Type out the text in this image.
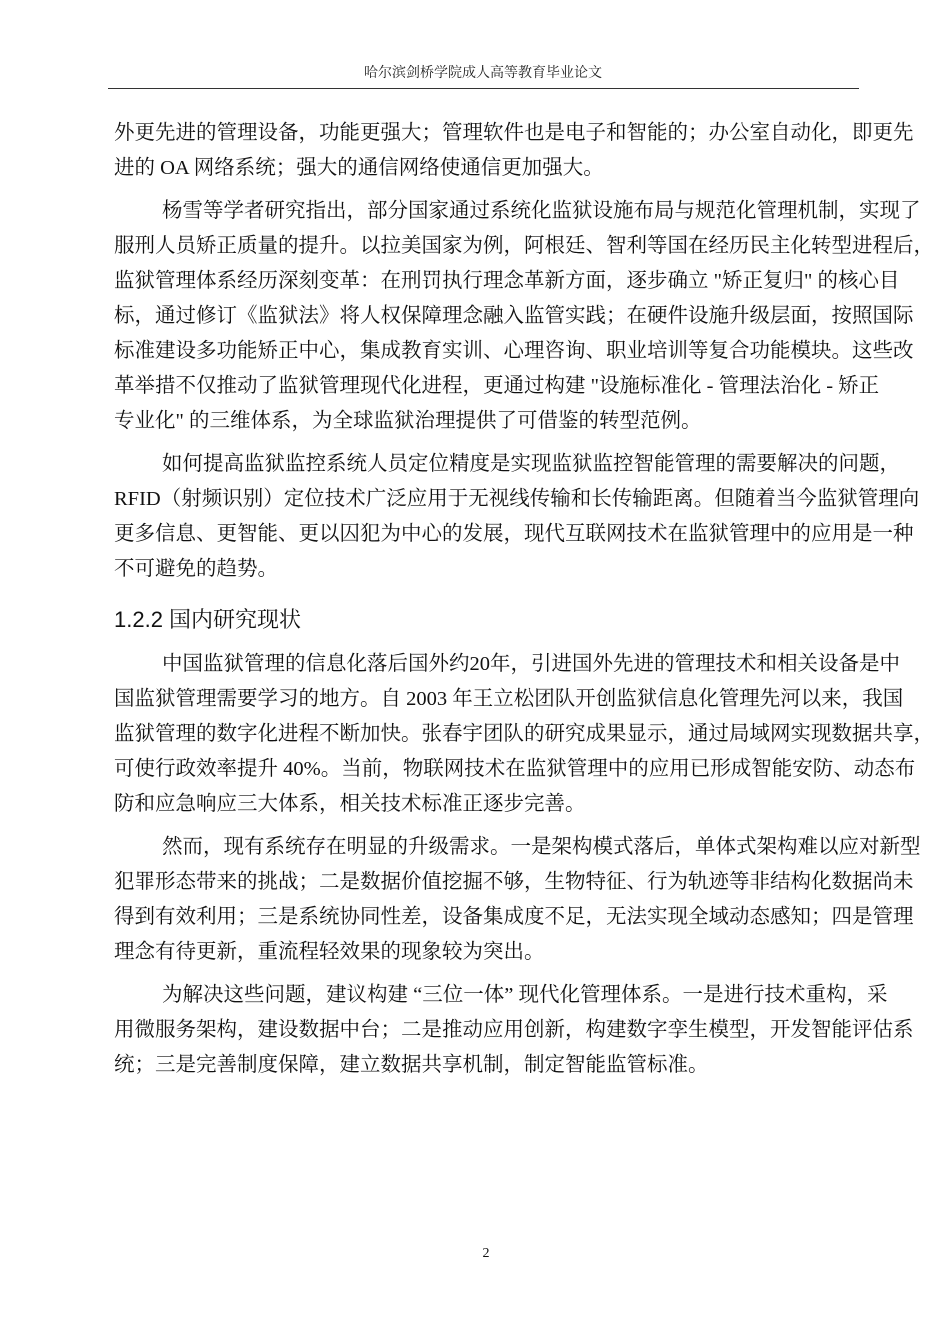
哈尔滨剑桥学院成人高等教育毕业论文
外更先进的管理设备，功能更强大；管理软件也是电子和智能的；办公室自动化，即更先
进的 OA 网络系统；强大的通信网络使通信更加强大。
杨雪等学者研究指出，部分国家通过系统化监狱设施布局与规范化管理机制，实现了
服刑人员矫正质量的提升。以拉美国家为例，阿根廷、智利等国在经历民主化转型进程后，
监狱管理体系经历深刻变革：在刑罚执行理念革新方面，逐步确立 "矫正复归" 的核心目
标，通过修订《监狱法》将人权保障理念融入监管实践；在硬件设施升级层面，按照国际
标准建设多功能矫正中心，集成教育实训、心理咨询、职业培训等复合功能模块。这些改
革举措不仅推动了监狱管理现代化进程，更通过构建 "设施标准化 - 管理法治化 - 矫正
专业化" 的三维体系，为全球监狱治理提供了可借鉴的转型范例。
如何提高监狱监控系统人员定位精度是实现监狱监控智能管理的需要解决的问题，
RFID（射频识别）定位技术广泛应用于无视线传输和长传输距离。但随着当今监狱管理向
更多信息、更智能、更以囚犯为中心的发展，现代互联网技术在监狱管理中的应用是一种
不可避免的趋势。
1.2.2 国内研究现状
中国监狱管理的信息化落后国外约20年，引进国外先进的管理技术和相关设备是中
国监狱管理需要学习的地方。自 2003 年王立松团队开创监狱信息化管理先河以来，我国
监狱管理的数字化进程不断加快。张春宇团队的研究成果显示，通过局域网实现数据共享，
可使行政效率提升 40%。当前，物联网技术在监狱管理中的应用已形成智能安防、动态布
防和应急响应三大体系，相关技术标准正逐步完善。
然而，现有系统存在明显的升级需求。一是架构模式落后，单体式架构难以应对新型
犯罪形态带来的挑战；二是数据价值挖掘不够，生物特征、行为轨迹等非结构化数据尚未
得到有效利用；三是系统协同性差，设备集成度不足，无法实现全域动态感知；四是管理
理念有待更新，重流程轻效果的现象较为突出。
为解决这些问题，建议构建 “三位一体” 现代化管理体系。一是进行技术重构，采
用微服务架构，建设数据中台；二是推动应用创新，构建数字孪生模型，开发智能评估系
统；三是完善制度保障，建立数据共享机制，制定智能监管标准。
2
